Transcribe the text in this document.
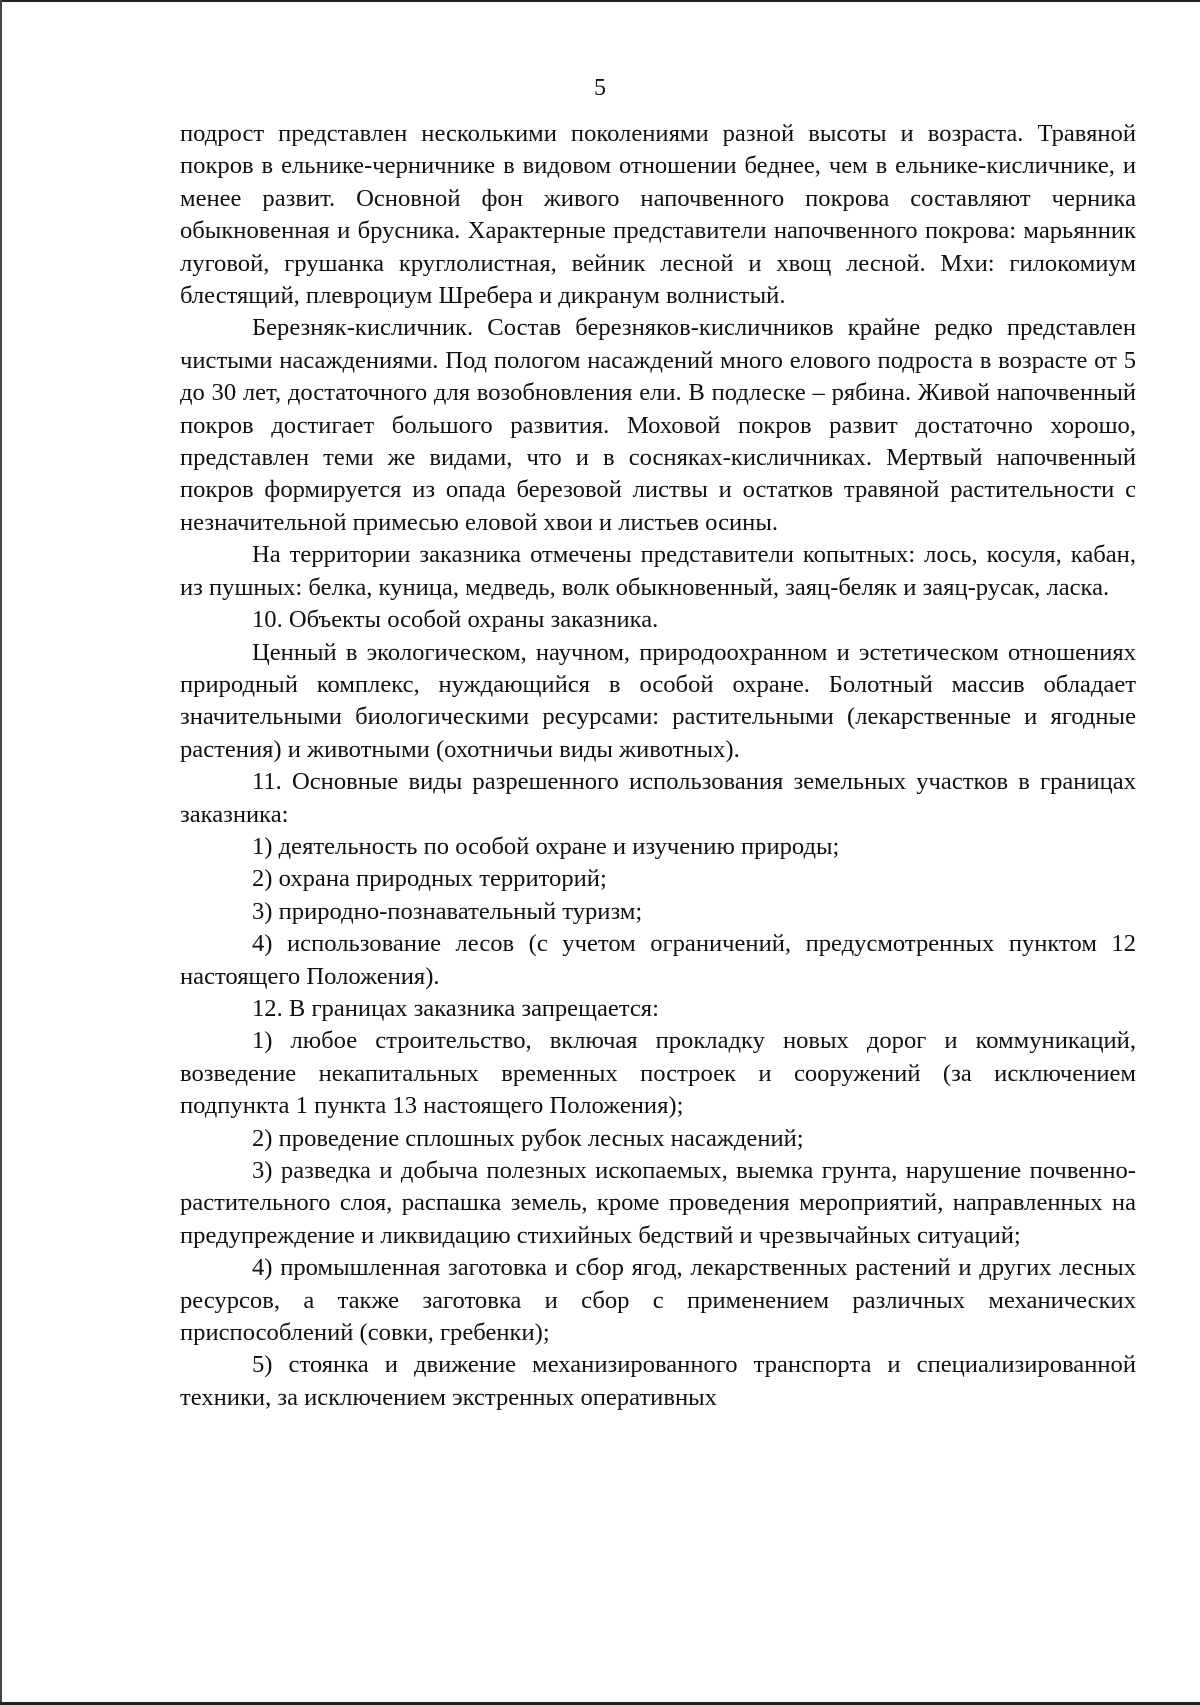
5

подрост представлен несколькими поколениями разной высоты и возраста. Травяной покров в ельнике-черничнике в видовом отношении беднее, чем в ельнике-кисличнике, и менее развит. Основной фон живого напочвенного покрова составляют черника обыкновенная и брусника. Характерные представители напочвенного покрова: марьянник луговой, грушанка круглолистная, вейник лесной и хвощ лесной. Мхи: гилокомиум блестящий, плевроциум Шребера и дикранум волнистый.

Березняк-кисличник. Состав березняков-кисличников крайне редко представлен чистыми насаждениями. Под пологом насаждений много елового подроста в возрасте от 5 до 30 лет, достаточного для возобновления ели. В подлеске – рябина. Живой напочвенный покров достигает большого развития. Моховой покров развит достаточно хорошо, представлен теми же видами, что и в сосняках-кисличниках. Мертвый напочвенный покров формируется из опада березовой листвы и остатков травяной растительности с незначительной примесью еловой хвои и листьев осины.

На территории заказника отмечены представители копытных: лось, косуля, кабан, из пушных: белка, куница, медведь, волк обыкновенный, заяц-беляк и заяц-русак, ласка.

10. Объекты особой охраны заказника.

Ценный в экологическом, научном, природоохранном и эстетическом отношениях природный комплекс, нуждающийся в особой охране. Болотный массив обладает значительными биологическими ресурсами: растительными (лекарственные и ягодные растения) и животными (охотничьи виды животных).

11. Основные виды разрешенного использования земельных участков в границах заказника:

1) деятельность по особой охране и изучению природы;

2) охрана природных территорий;

3) природно-познавательный туризм;

4) использование лесов (с учетом ограничений, предусмотренных пунктом 12 настоящего Положения).

12. В границах заказника запрещается:

1) любое строительство, включая прокладку новых дорог и коммуникаций, возведение некапитальных временных построек и сооружений (за исключением подпункта 1 пункта 13 настоящего Положения);

2) проведение сплошных рубок лесных насаждений;

3) разведка и добыча полезных ископаемых, выемка грунта, нарушение почвенно-растительного слоя, распашка земель, кроме проведения мероприятий, направленных на предупреждение и ликвидацию стихийных бедствий и чрезвычайных ситуаций;

4) промышленная заготовка и сбор ягод, лекарственных растений и других лесных ресурсов, а также заготовка и сбор с применением различных механических приспособлений (совки, гребенки);

5) стоянка и движение механизированного транспорта и специализированной техники, за исключением экстренных оперативных
